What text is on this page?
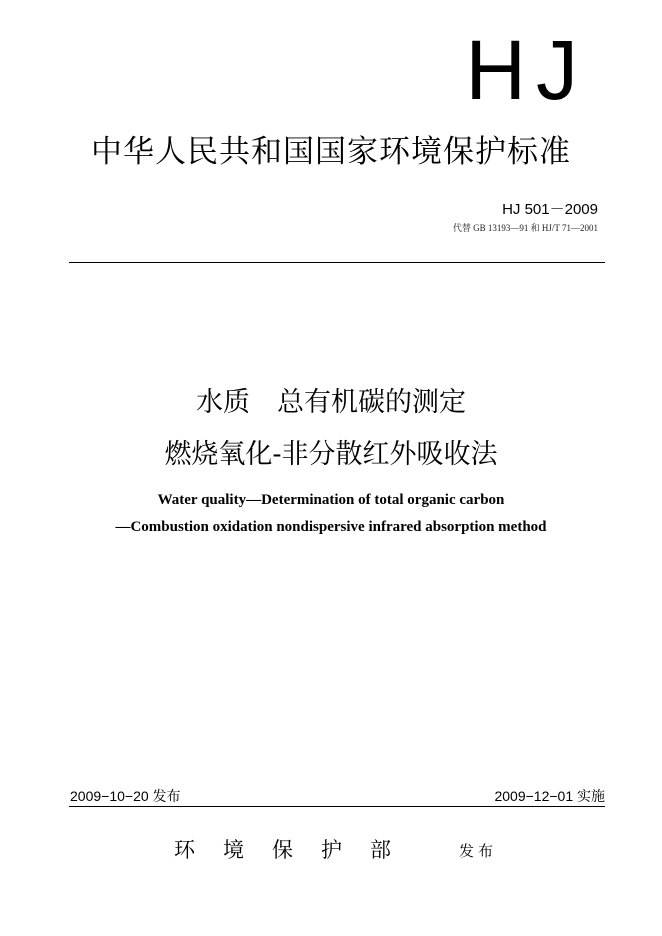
HJ
中华人民共和国国家环境保护标准
HJ 501－2009
代替 GB 13193—91 和 HJ/T 71—2001
水质　总有机碳的测定
燃烧氧化-非分散红外吸收法
Water quality—Determination of total organic carbon
—Combustion oxidation nondispersive infrared absorption method
2009−10−20 发布	2009−12−01 实施
环境保护部	发布
